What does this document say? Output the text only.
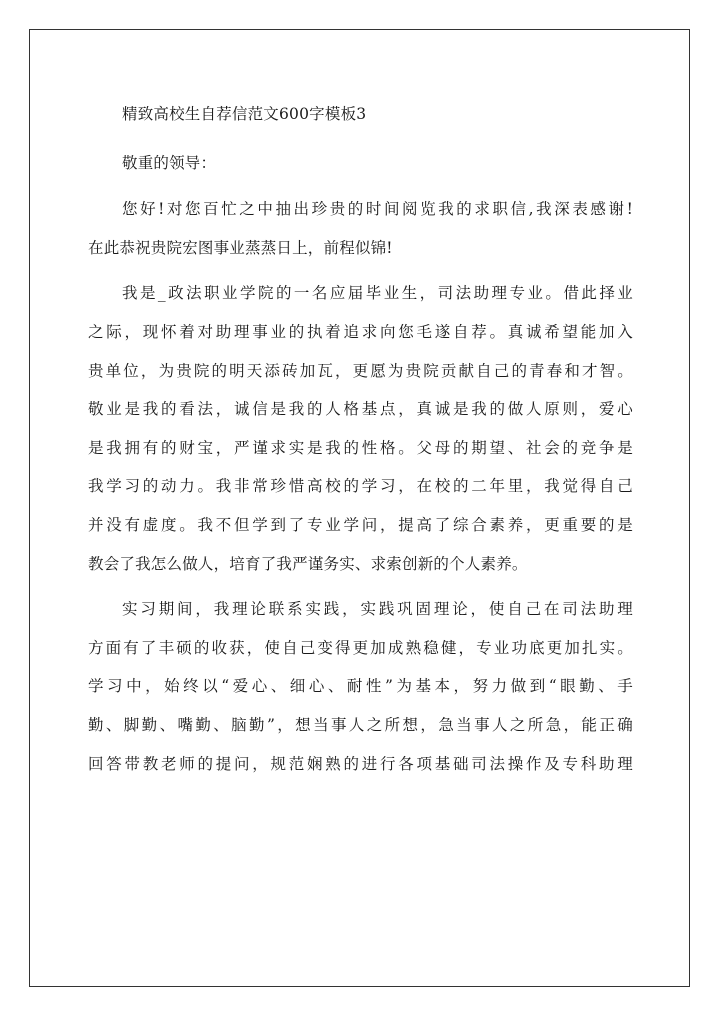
精致高校生自荐信范文600字模板3
敬重的领导：
您好!对您百忙之中抽出珍贵的时间阅览我的求职信,我深表感谢!
在此恭祝贵院宏图事业蒸蒸日上，前程似锦!
我是_政法职业学院的一名应届毕业生，司法助理专业。借此择业
之际，现怀着对助理事业的执着追求向您毛遂自荐。真诚希望能加入
贵单位，为贵院的明天添砖加瓦，更愿为贵院贡献自己的青春和才智。
敬业是我的看法，诚信是我的人格基点，真诚是我的做人原则，爱心
是我拥有的财宝，严谨求实是我的性格。父母的期望、社会的竞争是
我学习的动力。我非常珍惜高校的学习，在校的二年里，我觉得自己
并没有虚度。我不但学到了专业学问，提高了综合素养，更重要的是
教会了我怎么做人，培育了我严谨务实、求索创新的个人素养。
实习期间，我理论联系实践，实践巩固理论，使自己在司法助理
方面有了丰硕的收获，使自己变得更加成熟稳健，专业功底更加扎实。
学习中，始终以“爱心、细心、耐性”为基本，努力做到“眼勤、手
勤、脚勤、嘴勤、脑勤”，想当事人之所想，急当事人之所急，能正确
回答带教老师的提问，规范娴熟的进行各项基础司法操作及专科助理
